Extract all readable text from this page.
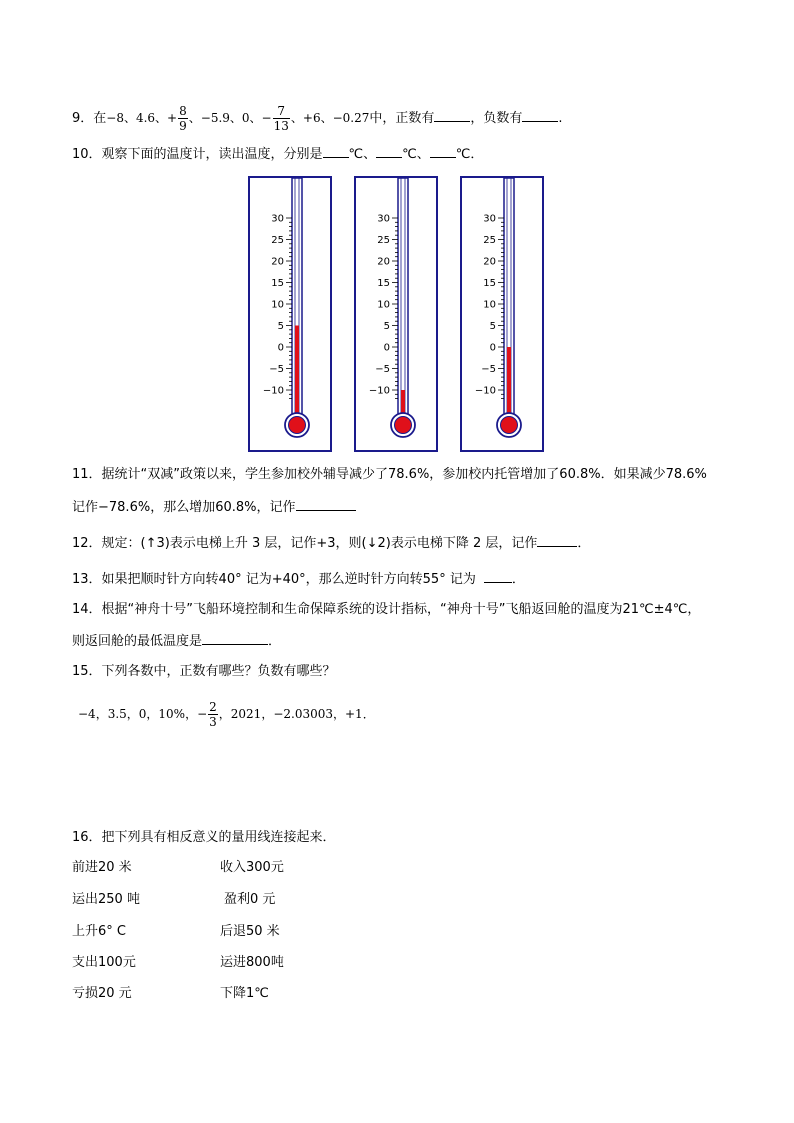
9．在−8、4.6、+ $\frac{8}{9}$ 、−5.9、0、− $\frac{7}{13}$ 、+6、−0.27中，正数有	，负数有	.
10．观察下面的温度计，读出温度，分别是 ℃、 ℃、 ℃．
30
25
20
15
10
5
0
−5
−10
30
25
20
15
10
5
0
−5
−10
30
25
20
15
10
5
0
−5
−10
11．据统计“双减”政策以来，学生参加校外辅导减少了78.6%，参加校内托管增加了60.8%．如果减少78.6%
记作−78.6%，那么增加60.8%，记作
12．规定：(↑3)表示电梯上升 3 层，记作+3，则(↓2)表示电梯下降 2 层，记作	．
13．如果把顺时针方向转40° 记为+40°，那么逆时针方向转55° 记为	．
14．根据“神舟十号”飞船环境控制和生命保障系统的设计指标，“神舟十号”飞船返回舱的温度为21℃±4℃，
则返回舱的最低温度是	．
15．下列各数中，正数有哪些？负数有哪些？
−4，3.5，0，10%，− $\frac{2}{3}$ ，2021，−2.03003，+1．
16．把下列具有相反意义的量用线连接起来．
前进20 米	收入300元
运出250 吨	盈利0 元
上升6° C	后退50 米
支出100元	运进800吨
亏损20 元	下降1℃
